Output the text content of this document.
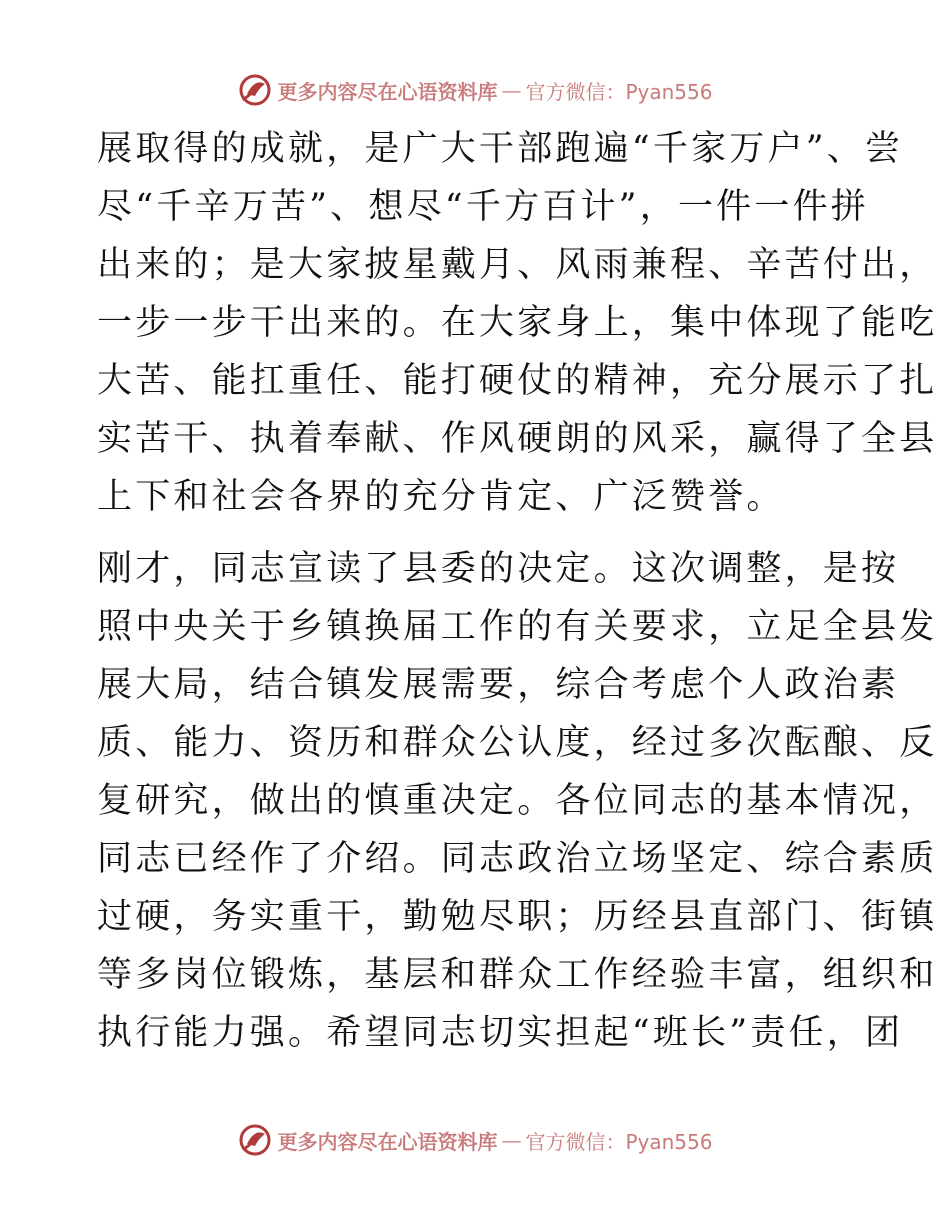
更多内容尽在心语资料库 — 官方微信：Pyan556

展取得的成就，是广大干部跑遍“千家万户”、尝
尽“千辛万苦”、想尽“千方百计”，一件一件拼
出来的；是大家披星戴月、风雨兼程、辛苦付出，
一步一步干出来的。在大家身上，集中体现了能吃
大苦、能扛重任、能打硬仗的精神，充分展示了扎
实苦干、执着奉献、作风硬朗的风采，赢得了全县
上下和社会各界的充分肯定、广泛赞誉。

刚才，同志宣读了县委的决定。这次调整，是按
照中央关于乡镇换届工作的有关要求，立足全县发
展大局，结合镇发展需要，综合考虑个人政治素
质、能力、资历和群众公认度，经过多次酝酿、反
复研究，做出的慎重决定。各位同志的基本情况，
同志已经作了介绍。同志政治立场坚定、综合素质
过硬，务实重干，勤勉尽职；历经县直部门、街镇
等多岗位锻炼，基层和群众工作经验丰富，组织和
执行能力强。希望同志切实担起“班长”责任，团

更多内容尽在心语资料库 — 官方微信：Pyan556
